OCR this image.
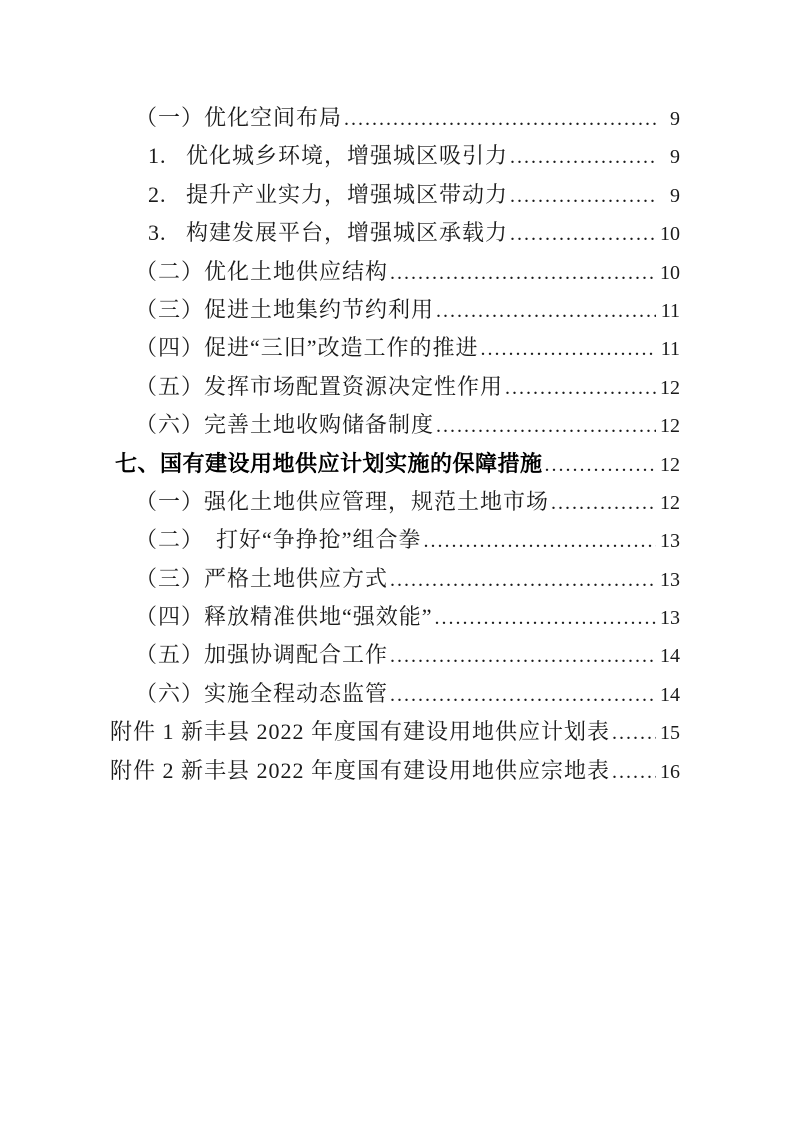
（一）优化空间布局 .....	9
1.   优化城乡环境，增强城区吸引力 .....	9
2.   提升产业实力，增强城区带动力 .....	9
3.   构建发展平台，增强城区承载力 .....	10
（二）优化土地供应结构 .....	10
（三）促进土地集约节约利用 .....	11
（四）促进“三旧”改造工作的推进 .....	11
（五）发挥市场配置资源决定性作用 .....	12
（六）完善土地收购储备制度 .....	12
七、国有建设用地供应计划实施的保障措施 .....	12
（一）强化土地供应管理，规范土地市场 .....	12
（二）　打好“争挣抢”组合拳 .....	13
（三）严格土地供应方式 .....	13
（四）释放精准供地“强效能” .....	13
（五）加强协调配合工作 .....	14
（六）实施全程动态监管 .....	14
附件 1 新丰县 2022 年度国有建设用地供应计划表 ..... 15
附件 2 新丰县 2022 年度国有建设用地供应宗地表 ..... 16
